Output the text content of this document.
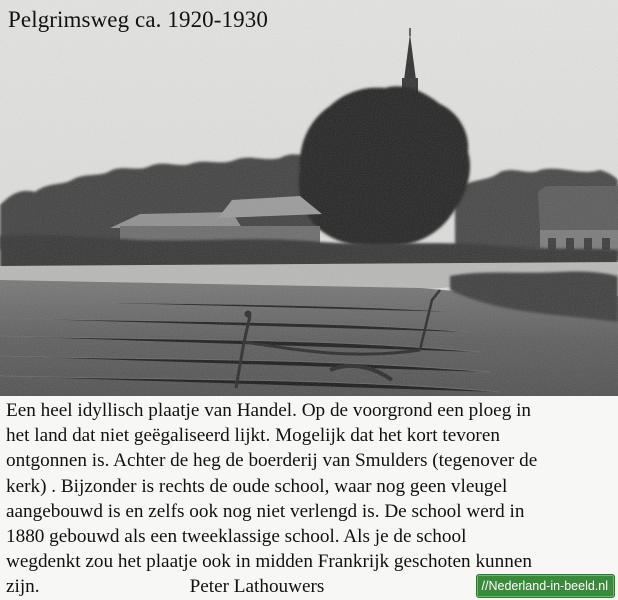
Pelgrimsweg ca. 1920-1930
Een heel idyllisch plaatje van Handel. Op de voorgrond een ploeg in
het land dat niet geëgaliseerd lijkt. Mogelijk dat het kort tevoren
ontgonnen is. Achter de heg de boerderij van Smulders (tegenover de
kerk) . Bijzonder is rechts de oude school, waar nog geen vleugel
aangebouwd is en zelfs ook nog niet verlengd is. De school werd in
1880 gebouwd als een tweeklassige school. Als je de school
wegdenkt zou het plaatje ook in midden Frankrijk geschoten kunnen
zijn.	Peter Lathouwers	//Nederland-in-beeld.nl
